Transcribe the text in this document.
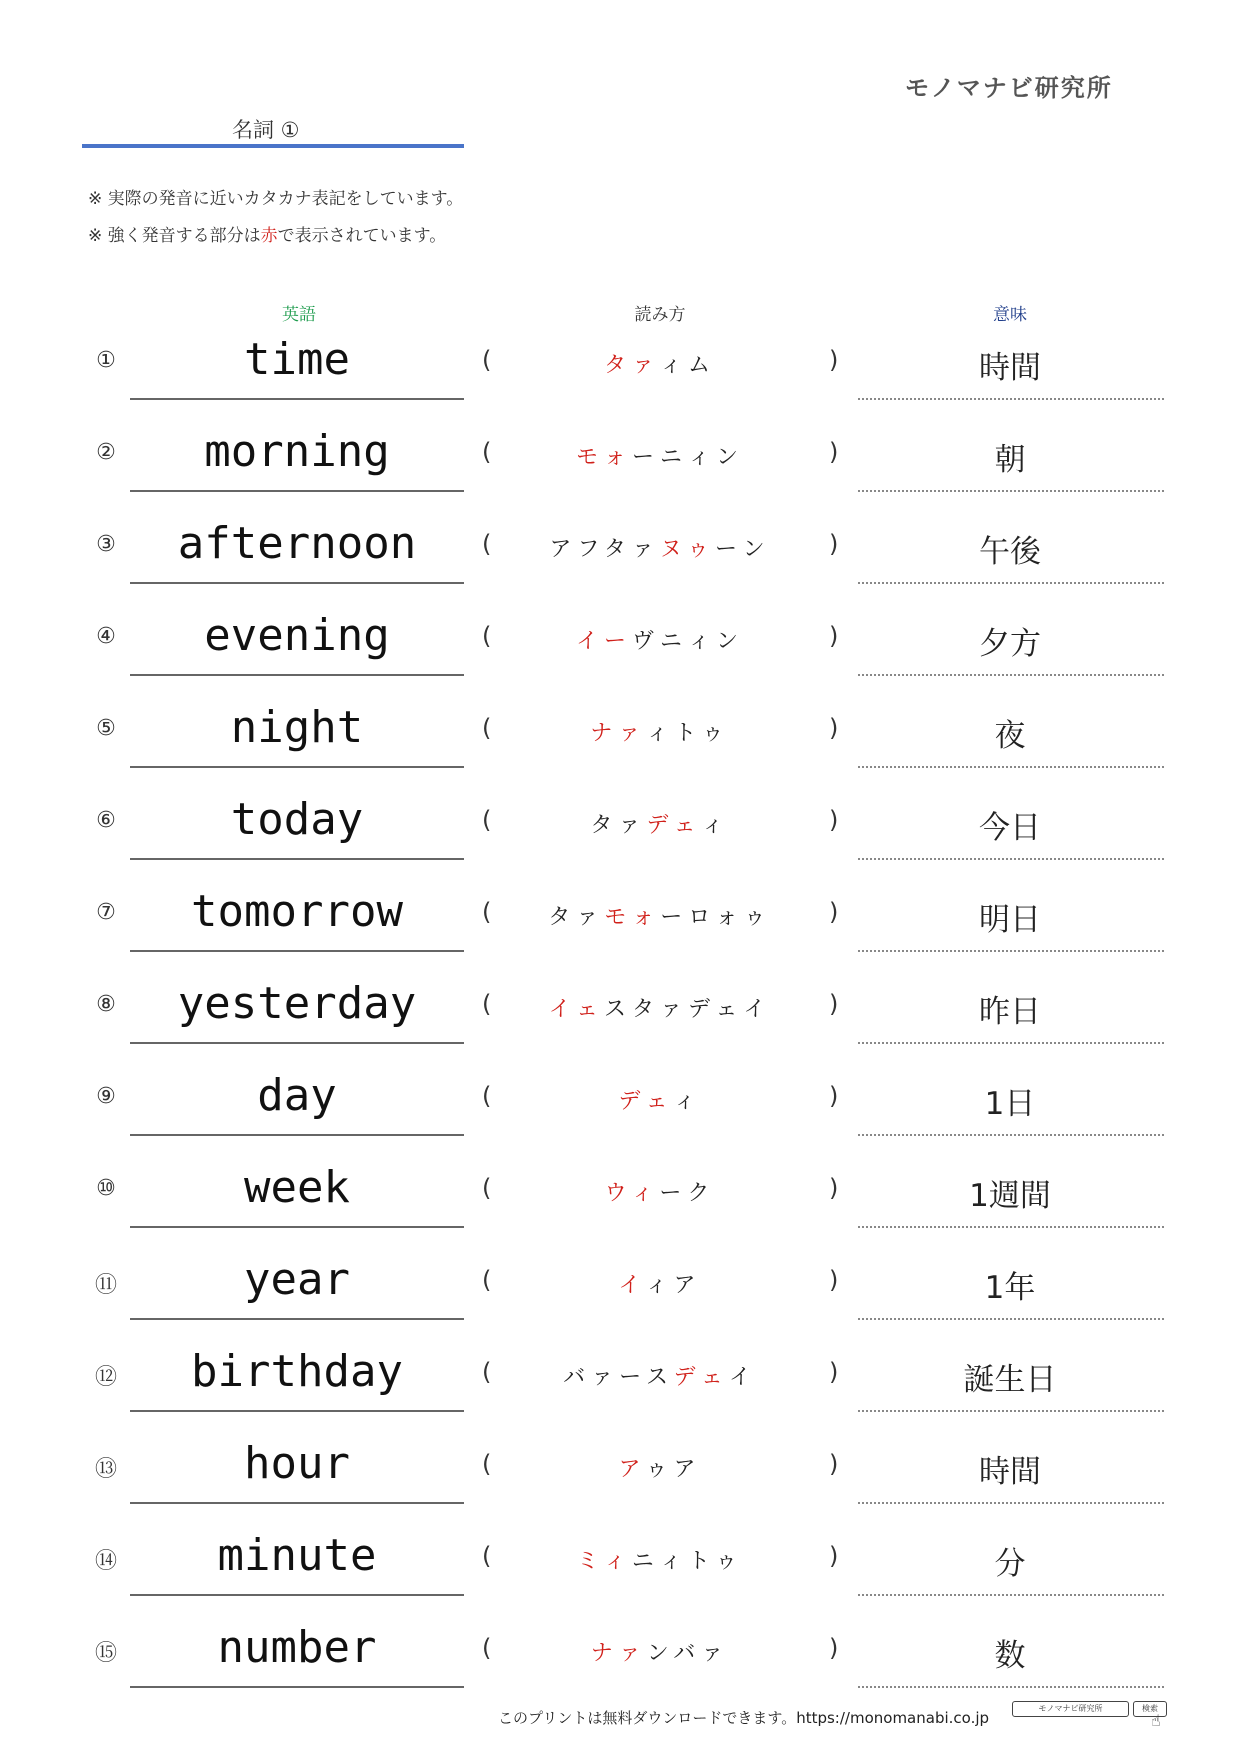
モノマナビ研究所
名詞 ①
※ 実際の発音に近いカタカナ表記をしています。
※ 強く発音する部分は赤で表示されています。
英語	読み方	意味
①	time	(	タァィム	)	時間
②	morning	(	モォーニィン	)	朝
③	afternoon	(	アフタァヌゥーン	)	午後
④	evening	(	イーヴニィン	)	夕方
⑤	night	(	ナァィトゥ	)	夜
⑥	today	(	タァデェィ	)	今日
⑦	tomorrow	(	タァモォーロォゥ	)	明日
⑧	yesterday	(	イェスタァデェイ	)	昨日
⑨	day	(	デェィ	)	1日
⑩	week	(	ウィーク	)	1週間
⑪	year	(	イィア	)	1年
⑫	birthday	(	バァースデェイ	)	誕生日
⑬	hour	(	アゥア	)	時間
⑭	minute	(	ミィニィトゥ	)	分
⑮	number	(	ナァンバァ	)	数
このプリントは無料ダウンロードできます。https://monomanabi.co.jp
モノマナビ研究所	検索
☝
